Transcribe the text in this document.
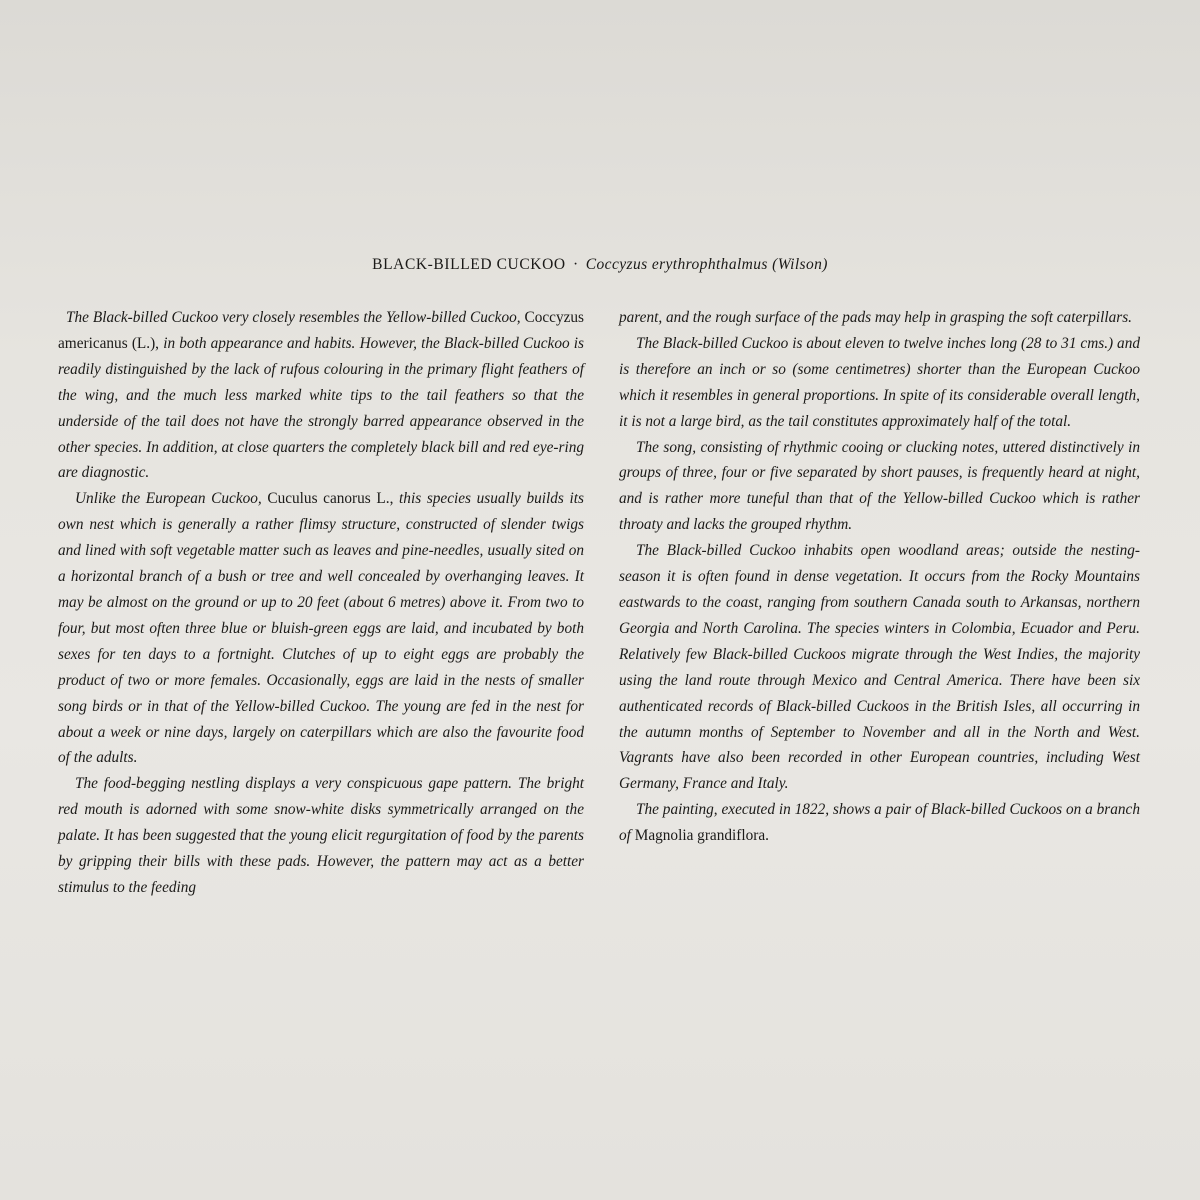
BLACK-BILLED CUCKOO · Coccyzus erythrophthalmus (Wilson)

The Black-billed Cuckoo very closely resembles the Yellow-billed Cuckoo, Coccyzus americanus (L.), in both appearance and habits. However, the Black-billed Cuckoo is readily distinguished by the lack of rufous colouring in the primary flight feathers of the wing, and the much less marked white tips to the tail feathers so that the underside of the tail does not have the strongly barred appearance observed in the other species. In addition, at close quarters the completely black bill and red eye-ring are diagnostic.

Unlike the European Cuckoo, Cuculus canorus L., this species usually builds its own nest which is generally a rather flimsy structure, constructed of slender twigs and lined with soft vegetable matter such as leaves and pine-needles, usually sited on a horizontal branch of a bush or tree and well concealed by overhanging leaves. It may be almost on the ground or up to 20 feet (about 6 metres) above it. From two to four, but most often three blue or bluish-green eggs are laid, and incubated by both sexes for ten days to a fortnight. Clutches of up to eight eggs are probably the product of two or more females. Occasionally, eggs are laid in the nests of smaller song birds or in that of the Yellow-billed Cuckoo. The young are fed in the nest for about a week or nine days, largely on caterpillars which are also the favourite food of the adults.

The food-begging nestling displays a very conspicuous gape pattern. The bright red mouth is adorned with some snow-white disks symmetrically arranged on the palate. It has been suggested that the young elicit regurgitation of food by the parents by gripping their bills with these pads. However, the pattern may act as a better stimulus to the feeding

parent, and the rough surface of the pads may help in grasping the soft caterpillars.

The Black-billed Cuckoo is about eleven to twelve inches long (28 to 31 cms.) and is therefore an inch or so (some centimetres) shorter than the European Cuckoo which it resembles in general proportions. In spite of its considerable overall length, it is not a large bird, as the tail constitutes approximately half of the total.

The song, consisting of rhythmic cooing or clucking notes, uttered distinctively in groups of three, four or five separated by short pauses, is frequently heard at night, and is rather more tuneful than that of the Yellow-billed Cuckoo which is rather throaty and lacks the grouped rhythm.

The Black-billed Cuckoo inhabits open woodland areas; outside the nesting-season it is often found in dense vegetation. It occurs from the Rocky Mountains eastwards to the coast, ranging from southern Canada south to Arkansas, northern Georgia and North Carolina. The species winters in Colombia, Ecuador and Peru. Relatively few Black-billed Cuckoos migrate through the West Indies, the majority using the land route through Mexico and Central America. There have been six authenticated records of Black-billed Cuckoos in the British Isles, all occurring in the autumn months of September to November and all in the North and West. Vagrants have also been recorded in other European countries, including West Germany, France and Italy.

The painting, executed in 1822, shows a pair of Black-billed Cuckoos on a branch of Magnolia grandiflora.
